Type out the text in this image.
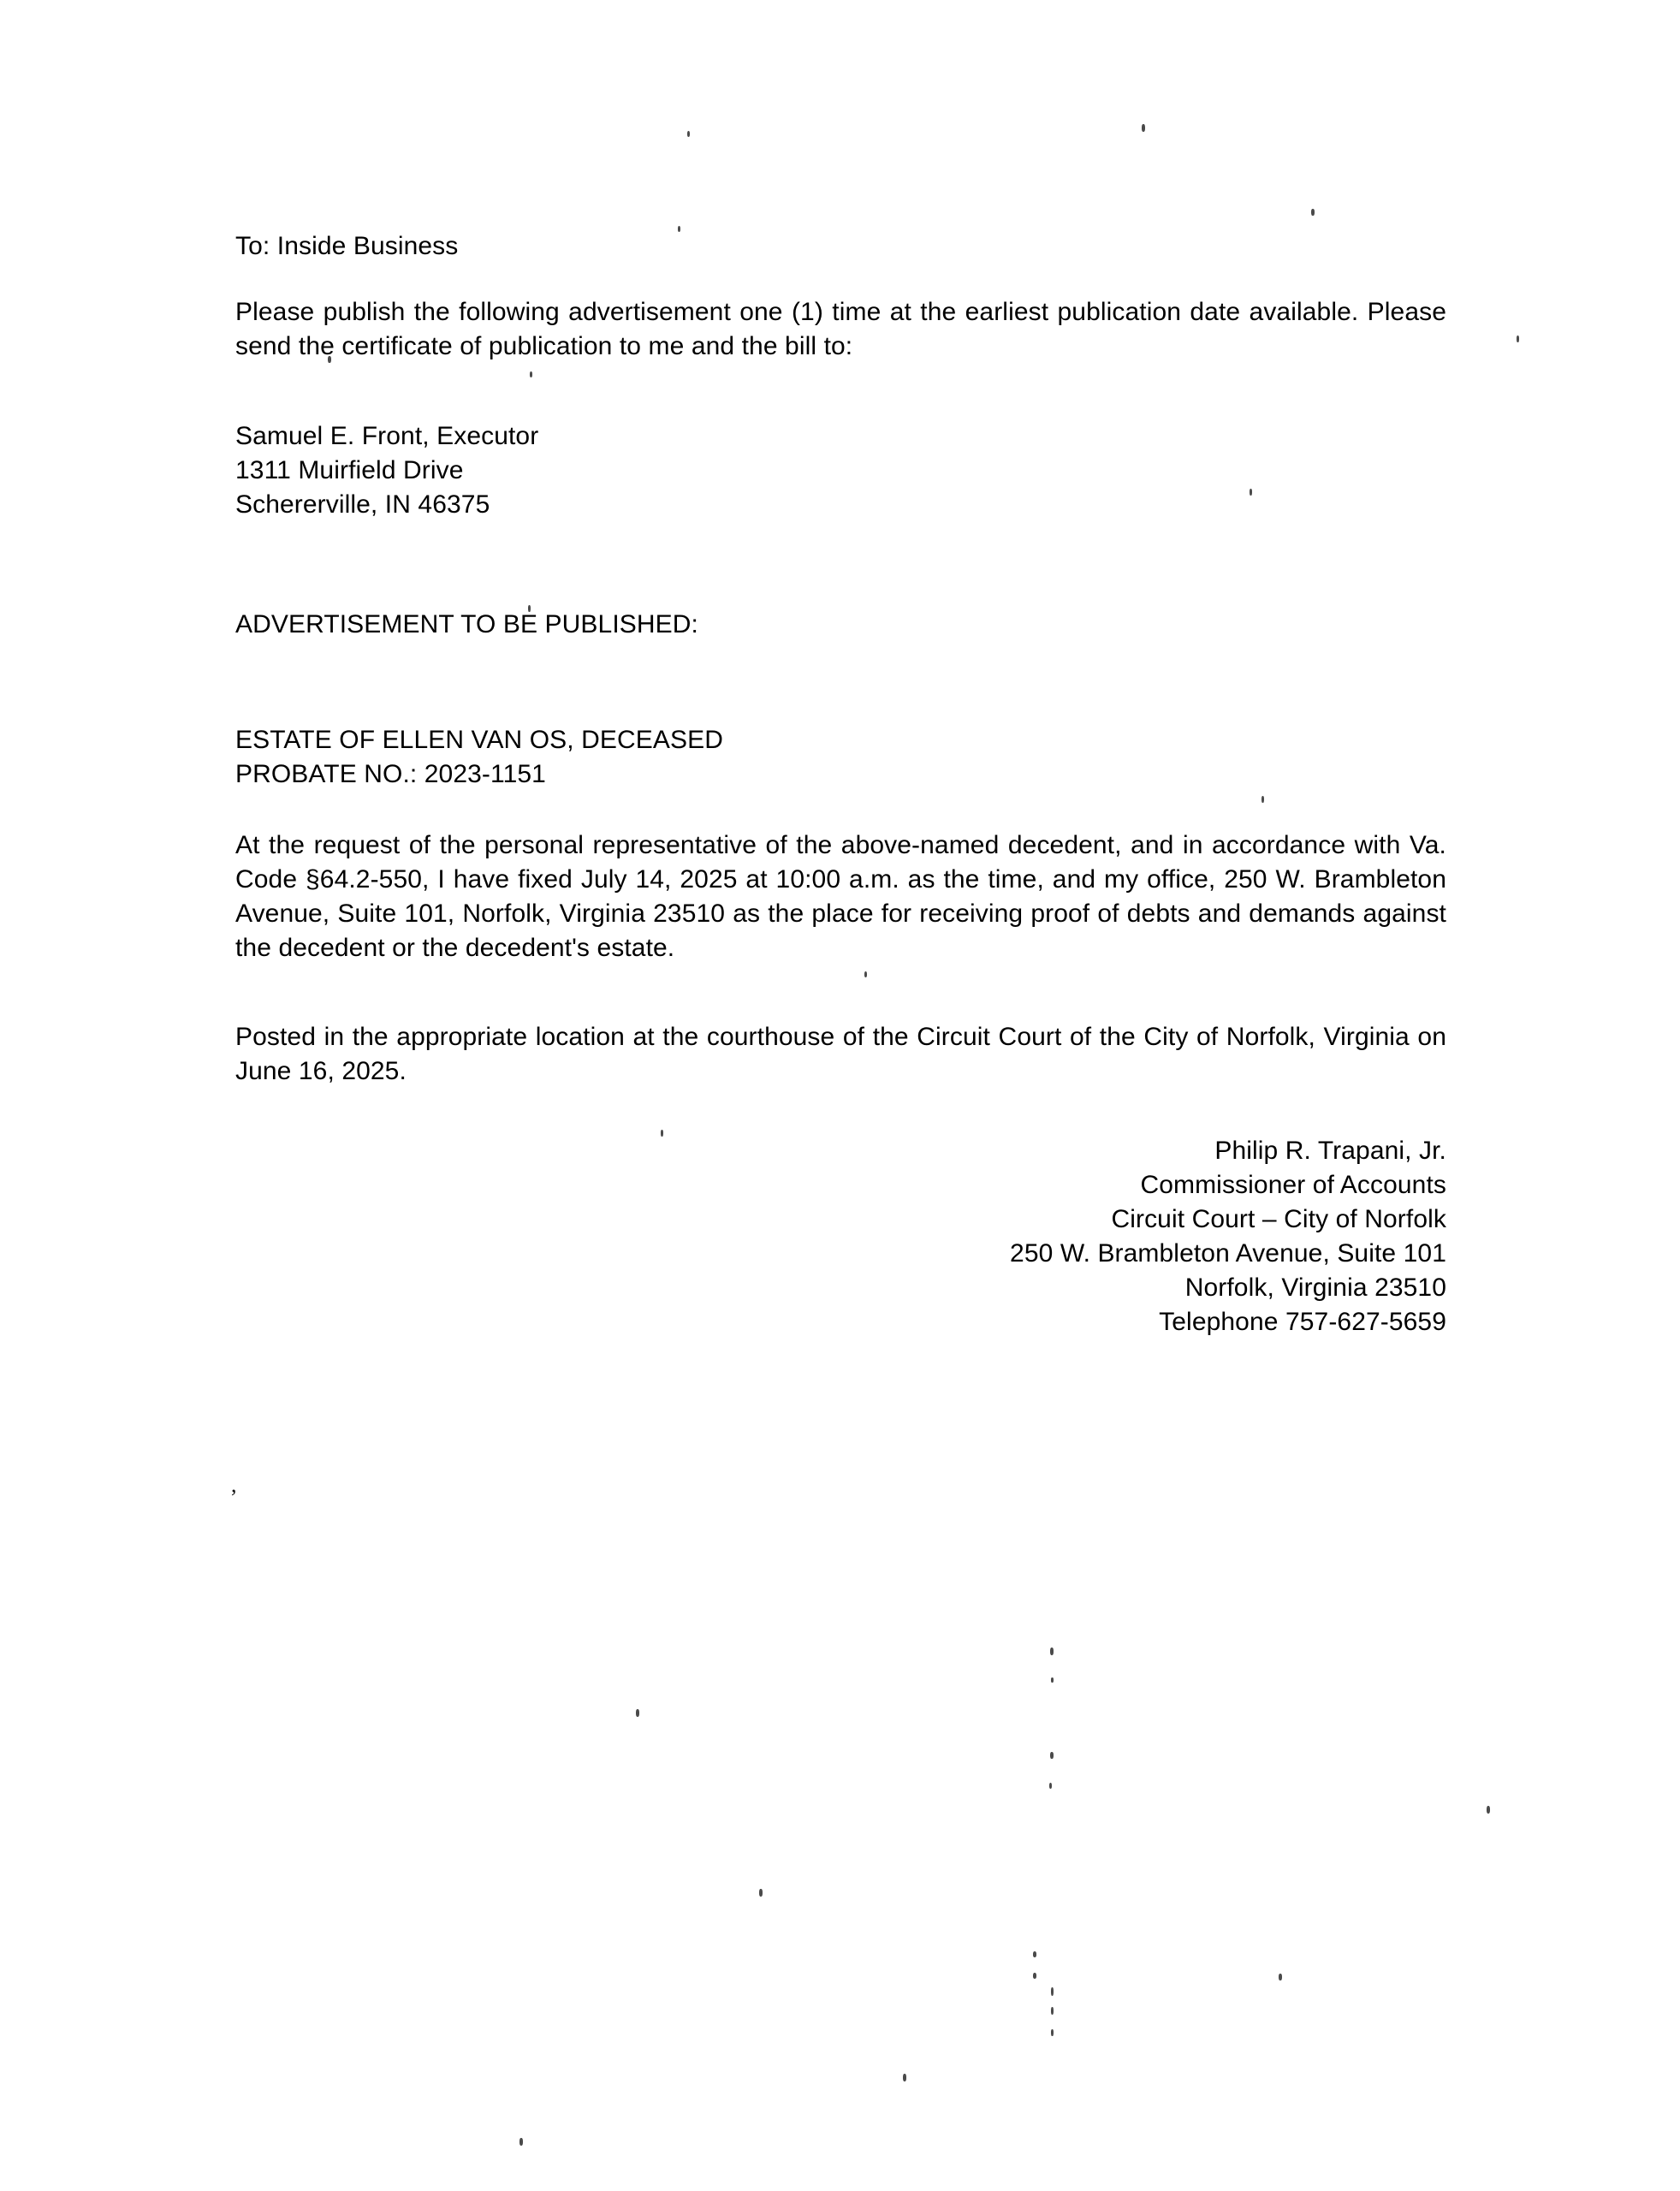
To: Inside Business
Please publish the following advertisement one (1) time at the earliest publication date available. Please send the certificate of publication to me and the bill to:
Samuel E. Front, Executor
1311 Muirfield Drive
Schererville, IN 46375
ADVERTISEMENT TO BE PUBLISHED:
ESTATE OF ELLEN VAN OS, DECEASED
PROBATE NO.: 2023-1151
At the request of the personal representative of the above-named decedent, and in accordance with Va. Code §64.2-550, I have fixed July 14, 2025 at 10:00 a.m. as the time, and my office, 250 W. Brambleton Avenue, Suite 101, Norfolk, Virginia 23510 as the place for receiving proof of debts and demands against the decedent or the decedent's estate.
Posted in the appropriate location at the courthouse of the Circuit Court of the City of Norfolk, Virginia on June 16, 2025.
Philip R. Trapani, Jr.
Commissioner of Accounts
Circuit Court – City of Norfolk
250 W. Brambleton Avenue, Suite 101
Norfolk, Virginia 23510
Telephone 757-627-5659
,
